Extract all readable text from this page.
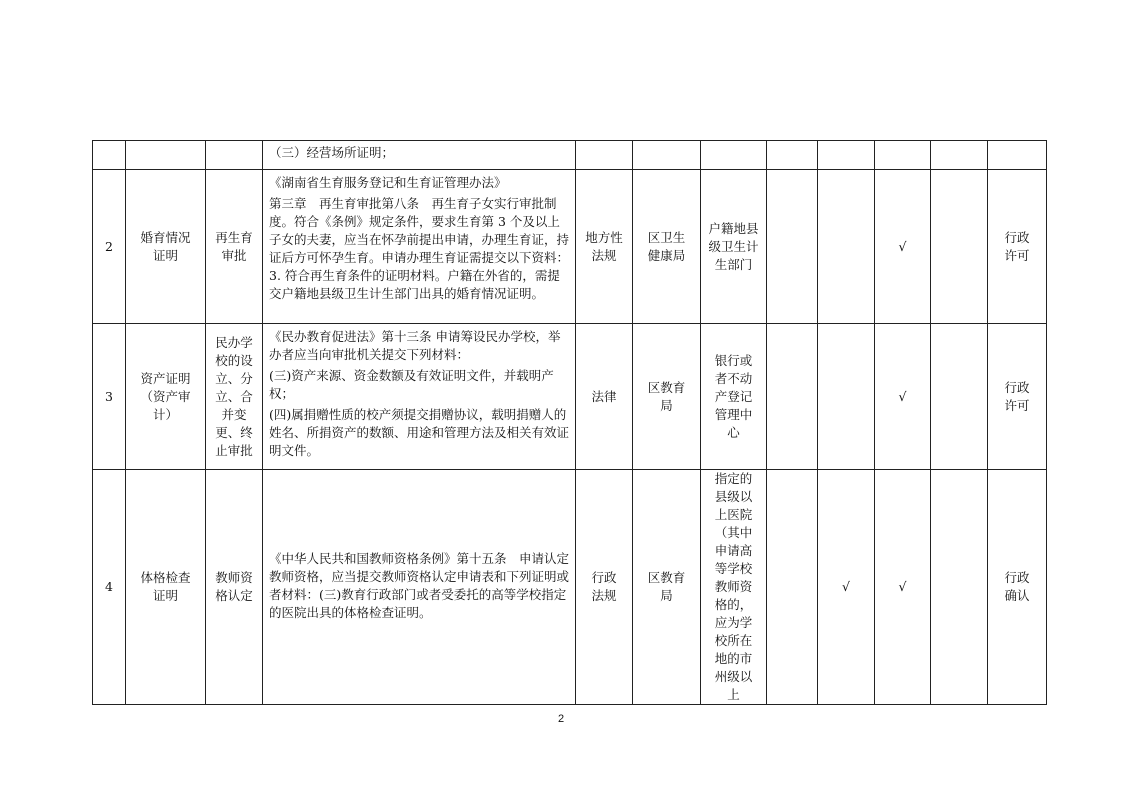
			（三）经营场所证明；								

2	婚育情况证明	再生育审批	《湖南省生育服务登记和生育证管理办法》
第三章　再生育审批第八条　再生育子女实行审批制度。符合《条例》规定条件，要求生育第 3 个及以上子女的夫妻，应当在怀孕前提出申请，办理生育证，持证后方可怀孕生育。申请办理生育证需提交以下资料：3. 符合再生育条件的证明材料。户籍在外省的，需提交户籍地县级卫生计生部门出具的婚育情况证明。	地方性法规	区卫生健康局	户籍地县级卫生计生部门			√		行政许可

3	资产证明（资产审计）	民办学校的设立、分立、合并变更、终止审批	《民办教育促进法》第十三条 申请筹设民办学校，举办者应当向审批机关提交下列材料：
(三)资产来源、资金数额及有效证明文件，并载明产权；
(四)属捐赠性质的校产须提交捐赠协议，载明捐赠人的姓名、所捐资产的数额、用途和管理方法及相关有效证明文件。	法律	区教育局	银行或者不动产登记管理中心			√		行政许可

4	体格检查证明	教师资格认定	《中华人民共和国教师资格条例》第十五条　申请认定教师资格，应当提交教师资格认定申请表和下列证明或者材料：(三)教育行政部门或者受委托的高等学校指定的医院出具的体格检查证明。	行政法规	区教育局	指定的县级以上医院（其中申请高等学校教师资格的，应为学校所在地的市州级以上		√	√		行政确认
2
